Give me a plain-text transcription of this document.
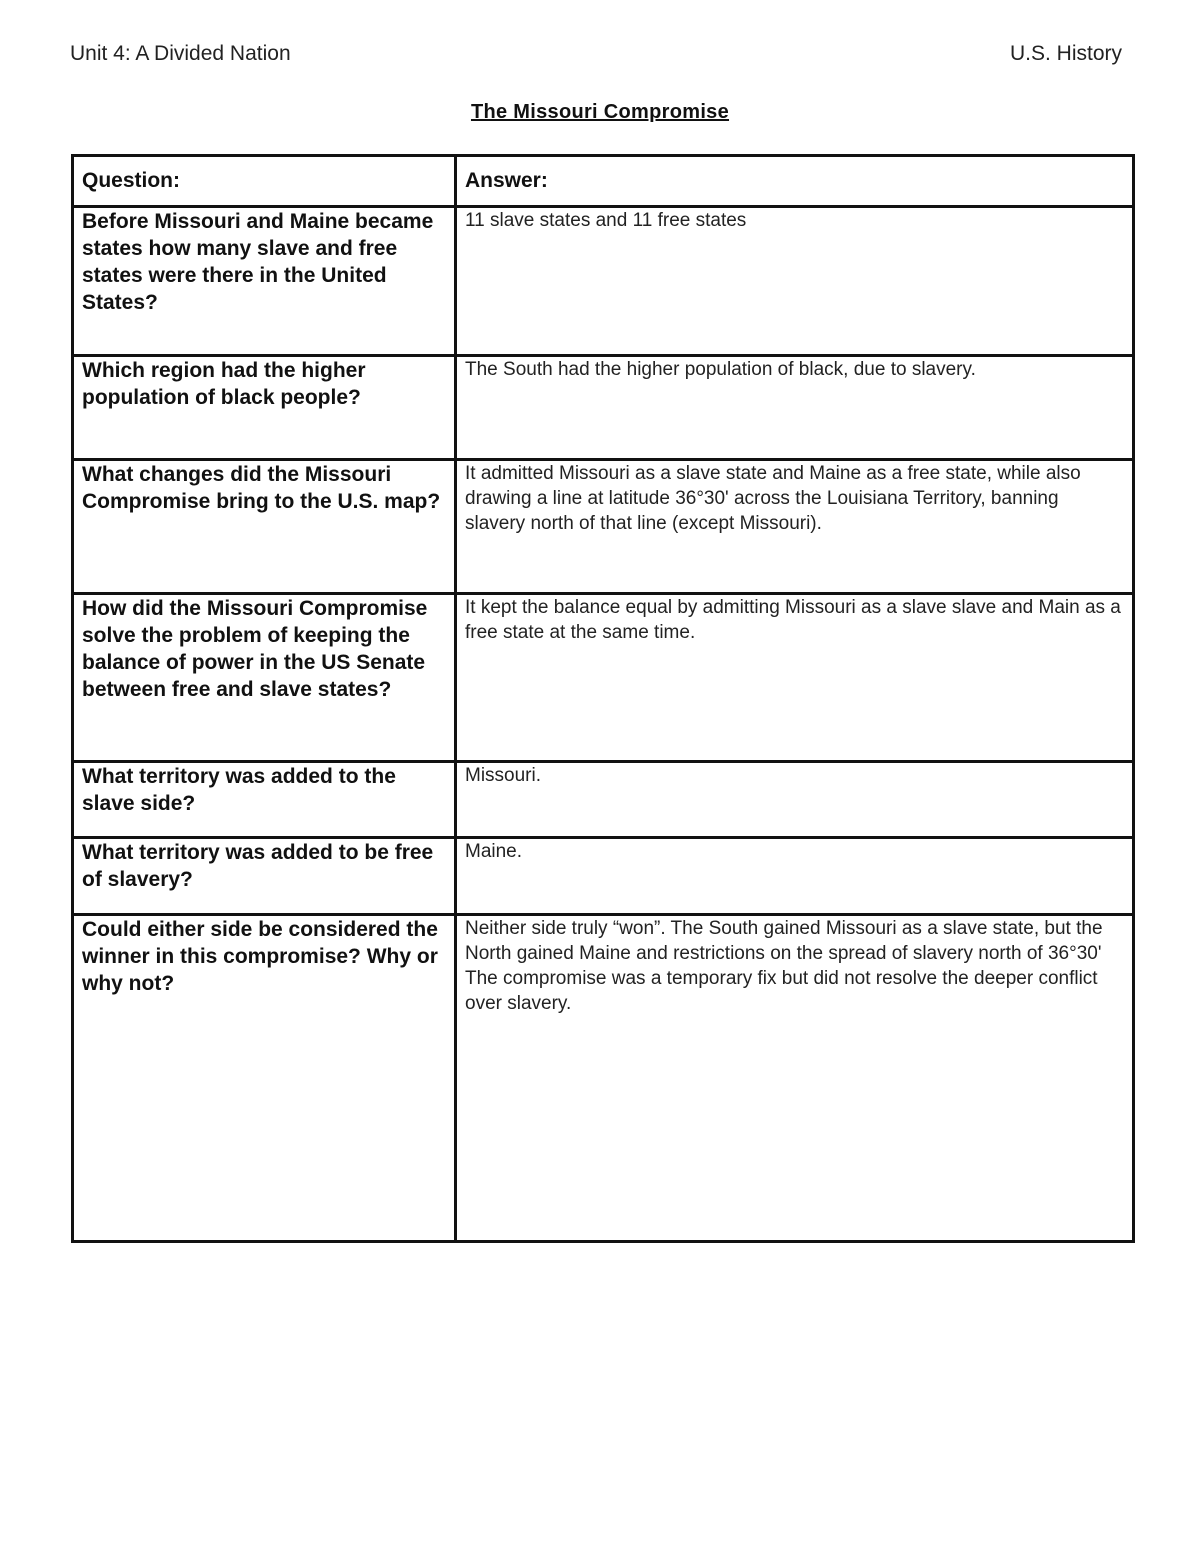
Unit 4: A Divided Nation	U.S. History
The Missouri Compromise
Question:	Answer:
Before Missouri and Maine became states how many slave and free states were there in the United States?	11 slave states and 11 free states
Which region had the higher population of black people?	The South had the higher population of black, due to slavery.
What changes did the Missouri Compromise bring to the U.S. map?	It admitted Missouri as a slave state and Maine as a free state, while also drawing a line at latitude 36°30' across the Louisiana Territory, banning slavery north of that line (except Missouri).
How did the Missouri Compromise solve the problem of keeping the balance of power in the US Senate between free and slave states?	It kept the balance equal by admitting Missouri as a slave slave and Main as a free state at the same time.
What territory was added to the slave side?	Missouri.
What territory was added to be free of slavery?	Maine.
Could either side be considered the winner in this compromise? Why or why not?	Neither side truly “won”. The South gained Missouri as a slave state, but the North gained Maine and restrictions on the spread of slavery north of 36°30' The compromise was a temporary fix but did not resolve the deeper conflict over slavery.
